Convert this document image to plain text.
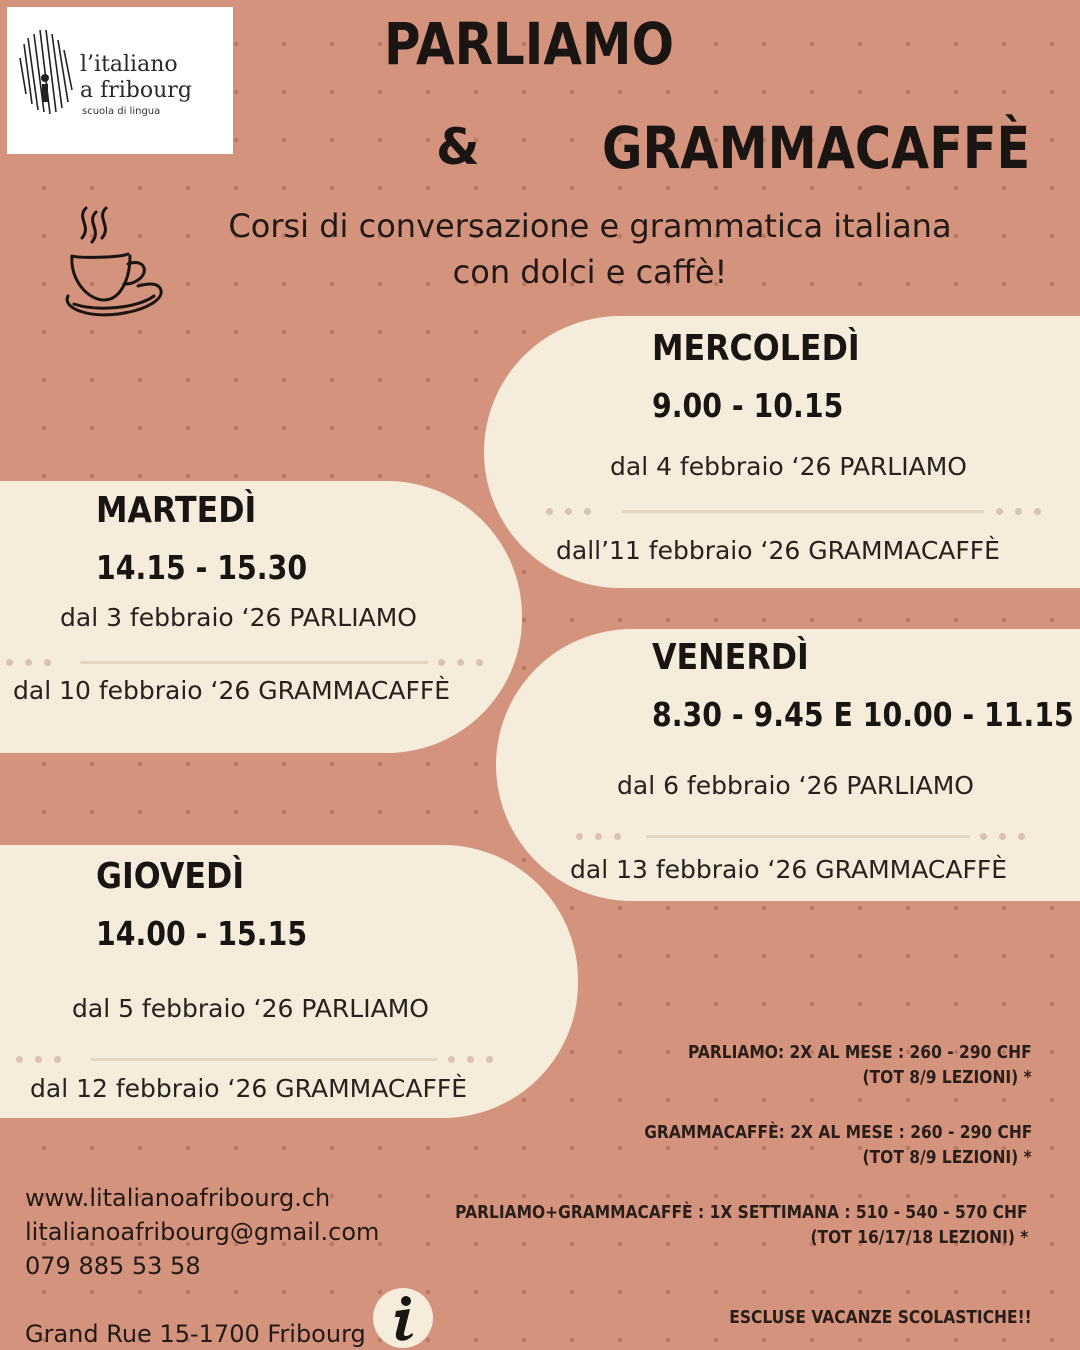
l’italiano
a fribourg
scuola di lingua
PARLIAMO
& GRAMMACAFFÈ
Corsi di conversazione e grammatica italiana
con dolci e caffè!
MERCOLEDÌ
9.00 - 10.15
dal 4 febbraio ‘26 PARLIAMO
dall’11 febbraio ‘26 GRAMMACAFFÈ
MARTEDÌ
14.15 - 15.30
dal 3 febbraio ‘26 PARLIAMO
dal 10 febbraio ‘26 GRAMMACAFFÈ
VENERDÌ
8.30 - 9.45 E 10.00 - 11.15
dal 6 febbraio ‘26 PARLIAMO
dal 13 febbraio ‘26 GRAMMACAFFÈ
GIOVEDÌ
14.00 - 15.15
dal 5 febbraio ‘26 PARLIAMO
dal 12 febbraio ‘26 GRAMMACAFFÈ
PARLIAMO: 2X AL MESE : 260 - 290 CHF
(TOT 8/9 LEZIONI) *
GRAMMACAFFÈ: 2X AL MESE : 260 - 290 CHF
(TOT 8/9 LEZIONI) *
PARLIAMO+GRAMMACAFFÈ : 1X SETTIMANA : 510 - 540 - 570 CHF
(TOT 16/17/18 LEZIONI) *
ESCLUSE VACANZE SCOLASTICHE!!
www.litalianoafribourg.ch
litalianoafribourg@gmail.com
079 885 53 58
Grand Rue 15-1700 Fribourg
